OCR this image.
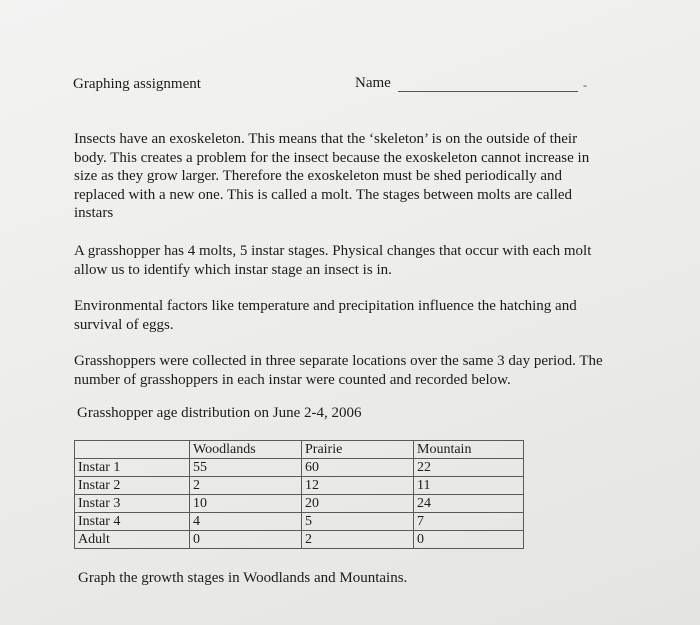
Graphing assignment	Name	-
Insects have an exoskeleton. This means that the ‘skeleton’ is on the outside of their
body. This creates a problem for the insect because the exoskeleton cannot increase in
size as they grow larger. Therefore the exoskeleton must be shed periodically and
replaced with a new one. This is called a molt. The stages between molts are called
instars
A grasshopper has 4 molts, 5 instar stages. Physical changes that occur with each molt
allow us to identify which instar stage an insect is in.
Environmental factors like temperature and precipitation influence the hatching and
survival of eggs.
Grasshoppers were collected in three separate locations over the same 3 day period. The
number of grasshoppers in each instar were counted and recorded below.
Grasshopper age distribution on June 2-4, 2006
	Woodlands	Prairie	Mountain
Instar 1	55	60	22
Instar 2	2	12	11
Instar 3	10	20	24
Instar 4	4	5	7
Adult	0	2	0
Graph the growth stages in Woodlands and Mountains.
